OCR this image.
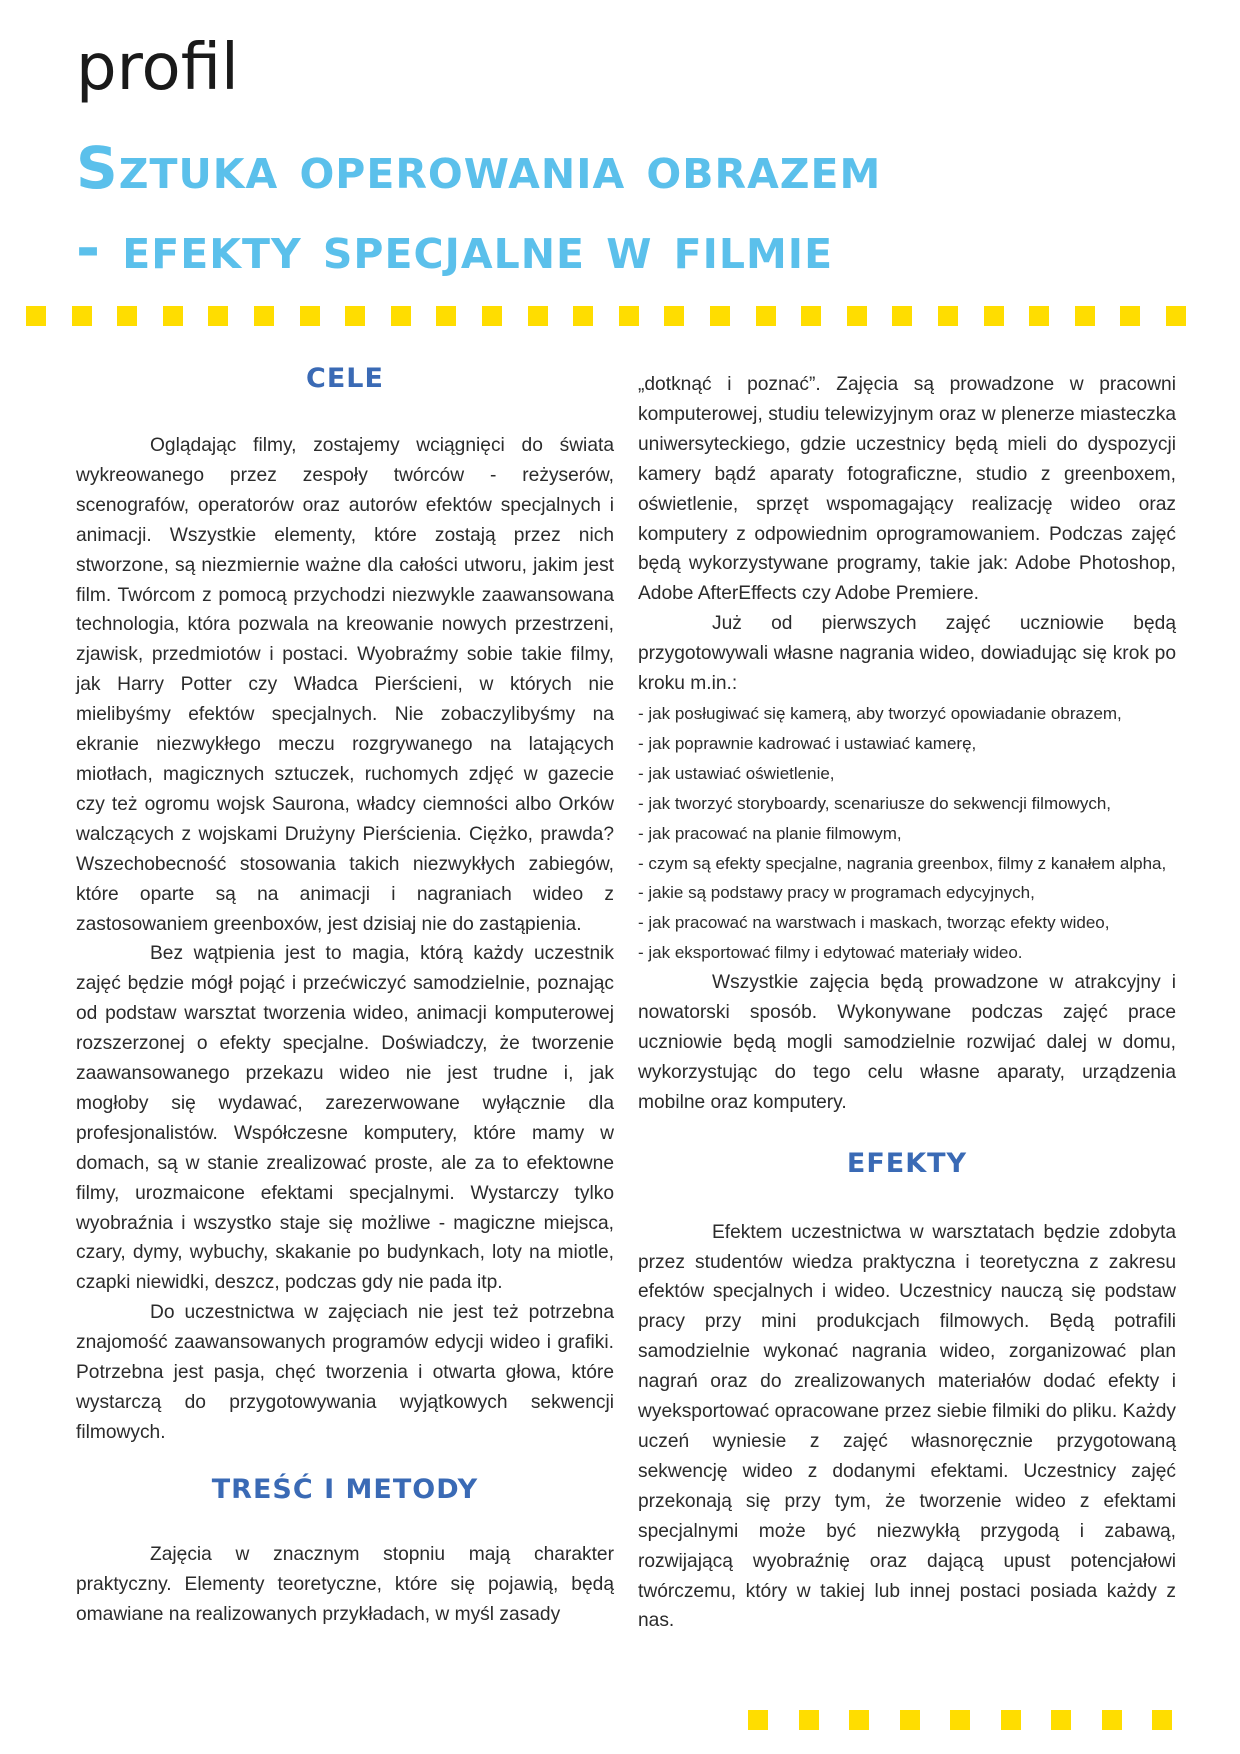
profil
Sztuka operowania obrazem
- efekty specjalne w filmie
CELE

Oglądając filmy, zostajemy wciągnięci do świata wykreowanego przez zespoły twórców - reżyserów, scenografów, operatorów oraz autorów efektów specjalnych i animacji. Wszystkie elementy, które zostają przez nich stworzone, są niezmiernie ważne dla całości utworu, jakim jest film. Twórcom z pomocą przychodzi niezwykle zaawansowana technologia, która pozwala na kreowanie nowych przestrzeni, zjawisk, przedmiotów i postaci. Wyobraźmy sobie takie filmy, jak Harry Potter czy Władca Pierścieni, w których nie mielibyśmy efektów specjalnych. Nie zobaczylibyśmy na ekranie niezwykłego meczu rozgrywanego na latających miotłach, magicznych sztuczek, ruchomych zdjęć w gazecie czy też ogromu wojsk Saurona, władcy ciemności albo Orków walczących z wojskami Drużyny Pierścienia. Ciężko, prawda? Wszechobecność stosowania takich niezwykłych zabiegów, które oparte są na animacji i nagraniach wideo z zastosowaniem greenboxów, jest dzisiaj nie do zastąpienia.

Bez wątpienia jest to magia, którą każdy uczestnik zajęć będzie mógł pojąć i przećwiczyć samodzielnie, poznając od podstaw warsztat tworzenia wideo, animacji komputerowej rozszerzonej o efekty specjalne. Doświadczy, że tworzenie zaawansowanego przekazu wideo nie jest trudne i, jak mogłoby się wydawać, zarezerwowane wyłącznie dla profesjonalistów. Współczesne komputery, które mamy w domach, są w stanie zrealizować proste, ale za to efektowne filmy, urozmaicone efektami specjalnymi. Wystarczy tylko wyobraźnia i wszystko staje się możliwe - magiczne miejsca, czary, dymy, wybuchy, skakanie po budynkach, loty na miotle, czapki niewidki, deszcz, podczas gdy nie pada itp.

Do uczestnictwa w zajęciach nie jest też potrzebna znajomość zaawansowanych programów edycji wideo i grafiki. Potrzebna jest pasja, chęć tworzenia i otwarta głowa, które wystarczą do przygotowywania wyjątkowych sekwencji filmowych.

TREŚĆ I METODY

Zajęcia w znacznym stopniu mają charakter praktyczny. Elementy teoretyczne, które się pojawią, będą omawiane na realizowanych przykładach, w myśl zasady

„dotknąć i poznać”. Zajęcia są prowadzone w pracowni komputerowej, studiu telewizyjnym oraz w plenerze miasteczka uniwersyteckiego, gdzie uczestnicy będą mieli do dyspozycji kamery bądź aparaty fotograficzne, studio z greenboxem, oświetlenie, sprzęt wspomagający realizację wideo oraz komputery z odpowiednim oprogramowaniem. Podczas zajęć będą wykorzystywane programy, takie jak: Adobe Photoshop, Adobe AfterEffects czy Adobe Premiere.

Już od pierwszych zajęć uczniowie będą przygotowywali własne nagrania wideo, dowiadując się krok po kroku m.in.:

- jak posługiwać się kamerą, aby tworzyć opowiadanie obrazem,
- jak poprawnie kadrować i ustawiać kamerę,
- jak ustawiać oświetlenie,
- jak tworzyć storyboardy, scenariusze do sekwencji filmowych,
- jak pracować na planie filmowym,
- czym są efekty specjalne, nagrania greenbox, filmy z kanałem alpha,
- jakie są podstawy pracy w programach edycyjnych,
- jak pracować na warstwach i maskach, tworząc efekty wideo,
- jak eksportować filmy i edytować materiały wideo.

Wszystkie zajęcia będą prowadzone w atrakcyjny i nowatorski sposób. Wykonywane podczas zajęć prace uczniowie będą mogli samodzielnie rozwijać dalej w domu, wykorzystując do tego celu własne aparaty, urządzenia mobilne oraz komputery.

EFEKTY

Efektem uczestnictwa w warsztatach będzie zdobyta przez studentów wiedza praktyczna i teoretyczna z zakresu efektów specjalnych i wideo. Uczestnicy nauczą się podstaw pracy przy mini produkcjach filmowych. Będą potrafili samodzielnie wykonać nagrania wideo, zorganizować plan nagrań oraz do zrealizowanych materiałów dodać efekty i wyeksportować opracowane przez siebie filmiki do pliku. Każdy uczeń wyniesie z zajęć własnoręcznie przygotowaną sekwencję wideo z dodanymi efektami. Uczestnicy zajęć przekonają się przy tym, że tworzenie wideo z efektami specjalnymi może być niezwykłą przygodą i zabawą, rozwijającą wyobraźnię oraz dającą upust potencjałowi twórczemu, który w takiej lub innej postaci posiada każdy z nas.
